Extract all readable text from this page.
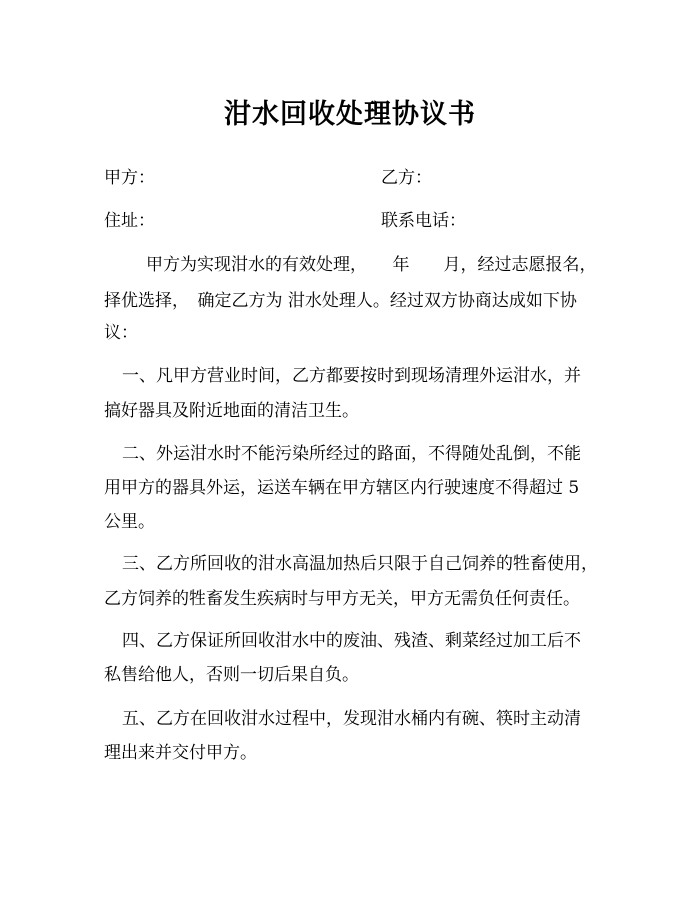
泔水回收处理协议书
甲方：	乙方：
住址：	联系电话：
甲方为实现泔水的有效处理，　　年　　月，经过志愿报名，
择优选择，　确定乙方为 泔水处理人。经过双方协商达成如下协
议：
一、凡甲方营业时间，乙方都要按时到现场清理外运泔水，并
搞好器具及附近地面的清洁卫生。
二、外运泔水时不能污染所经过的路面，不得随处乱倒，不能
用甲方的器具外运，运送车辆在甲方辖区内行驶速度不得超过 5
公里。
三、乙方所回收的泔水高温加热后只限于自己饲养的牲畜使用，
乙方饲养的牲畜发生疾病时与甲方无关，甲方无需负任何责任。
四、乙方保证所回收泔水中的废油、残渣、剩菜经过加工后不
私售给他人，否则一切后果自负。
五、乙方在回收泔水过程中，发现泔水桶内有碗、筷时主动清
理出来并交付甲方。
